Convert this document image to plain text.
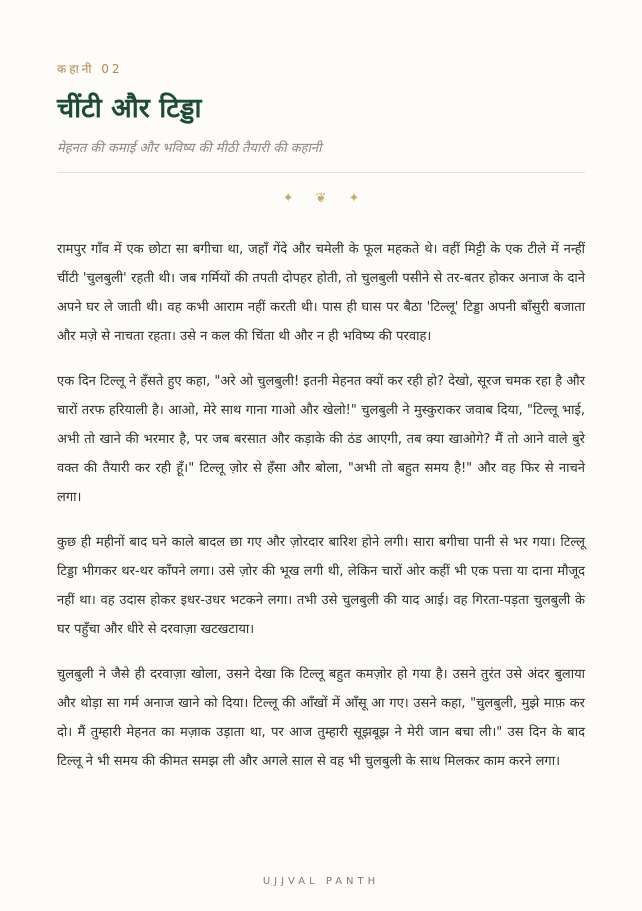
कहानी 02
चींटी और टिड्डा
मेहनत की कमाई और भविष्य की मीठी तैयारी की कहानी
✦❦✦

रामपुर गाँव में एक छोटा सा बगीचा था, जहाँ गेंदे और चमेली के फूल महकते थे। वहीं मिट्टी के एक टीले में नन्हीं चींटी 'चुलबुली' रहती थी। जब गर्मियों की तपती दोपहर होती, तो चुलबुली पसीने से तर-बतर होकर अनाज के दाने अपने घर ले जाती थी। वह कभी आराम नहीं करती थी। पास ही घास पर बैठा 'टिल्लू' टिड्डा अपनी बाँसुरी बजाता और मज़े से नाचता रहता। उसे न कल की चिंता थी और न ही भविष्य की परवाह।

एक दिन टिल्लू ने हँसते हुए कहा, "अरे ओ चुलबुली! इतनी मेहनत क्यों कर रही हो? देखो, सूरज चमक रहा है और चारों तरफ हरियाली है। आओ, मेरे साथ गाना गाओ और खेलो!" चुलबुली ने मुस्कुराकर जवाब दिया, "टिल्लू भाई, अभी तो खाने की भरमार है, पर जब बरसात और कड़ाके की ठंड आएगी, तब क्या खाओगे? मैं तो आने वाले बुरे वक्त की तैयारी कर रही हूँ।" टिल्लू ज़ोर से हँसा और बोला, "अभी तो बहुत समय है!" और वह फिर से नाचने लगा।

कुछ ही महीनों बाद घने काले बादल छा गए और ज़ोरदार बारिश होने लगी। सारा बगीचा पानी से भर गया। टिल्लू टिड्डा भीगकर थर-थर काँपने लगा। उसे ज़ोर की भूख लगी थी, लेकिन चारों ओर कहीं भी एक पत्ता या दाना मौजूद नहीं था। वह उदास होकर इधर-उधर भटकने लगा। तभी उसे चुलबुली की याद आई। वह गिरता-पड़ता चुलबुली के घर पहुँचा और धीरे से दरवाज़ा खटखटाया।

चुलबुली ने जैसे ही दरवाज़ा खोला, उसने देखा कि टिल्लू बहुत कमज़ोर हो गया है। उसने तुरंत उसे अंदर बुलाया और थोड़ा सा गर्म अनाज खाने को दिया। टिल्लू की आँखों में आँसू आ गए। उसने कहा, "चुलबुली, मुझे माफ़ कर दो। मैं तुम्हारी मेहनत का मज़ाक उड़ाता था, पर आज तुम्हारी सूझबूझ ने मेरी जान बचा ली।" उस दिन के बाद टिल्लू ने भी समय की कीमत समझ ली और अगले साल से वह भी चुलबुली के साथ मिलकर काम करने लगा।

UJJVAL PANTH
